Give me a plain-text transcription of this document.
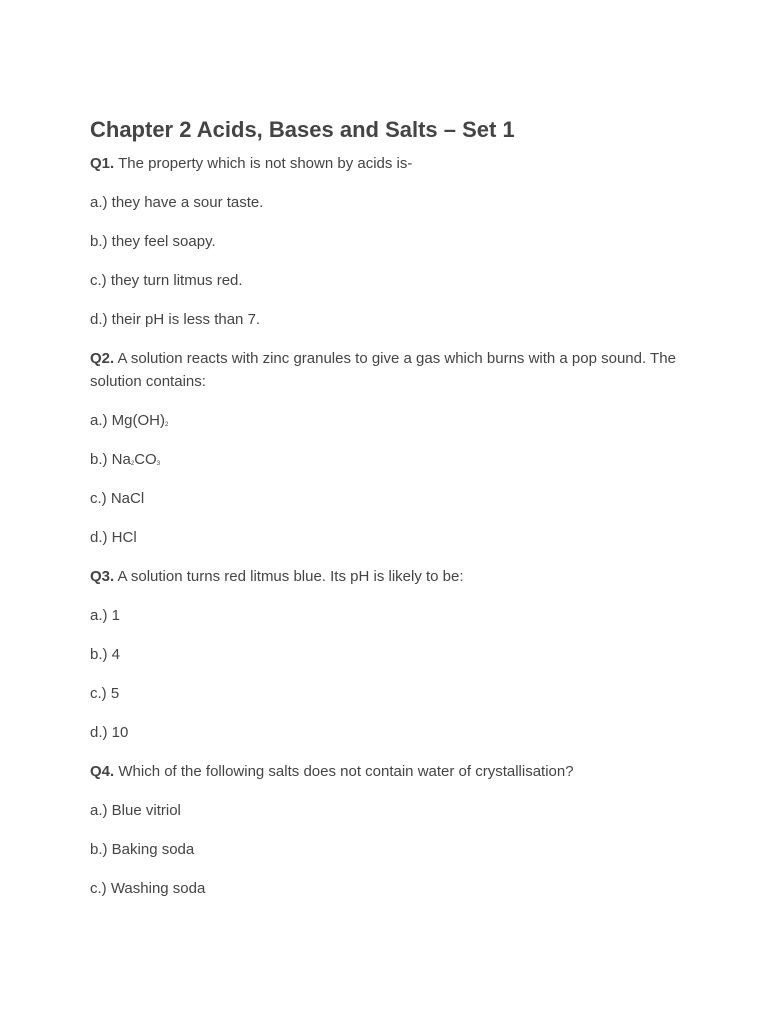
Chapter 2 Acids, Bases and Salts – Set 1

Q1. The property which is not shown by acids is-

a.) they have a sour taste.

b.) they feel soapy.

c.) they turn litmus red.

d.) their pH is less than 7.

Q2. A solution reacts with zinc granules to give a gas which burns with a pop sound. The solution contains:

a.) $Mg(OH)_2$

b.) $Na_2CO_3$

c.) NaCl

d.) HCl

Q3. A solution turns red litmus blue. Its pH is likely to be:

a.) 1

b.) 4

c.) 5

d.) 10

Q4. Which of the following salts does not contain water of crystallisation?

a.) Blue vitriol

b.) Baking soda

c.) Washing soda
